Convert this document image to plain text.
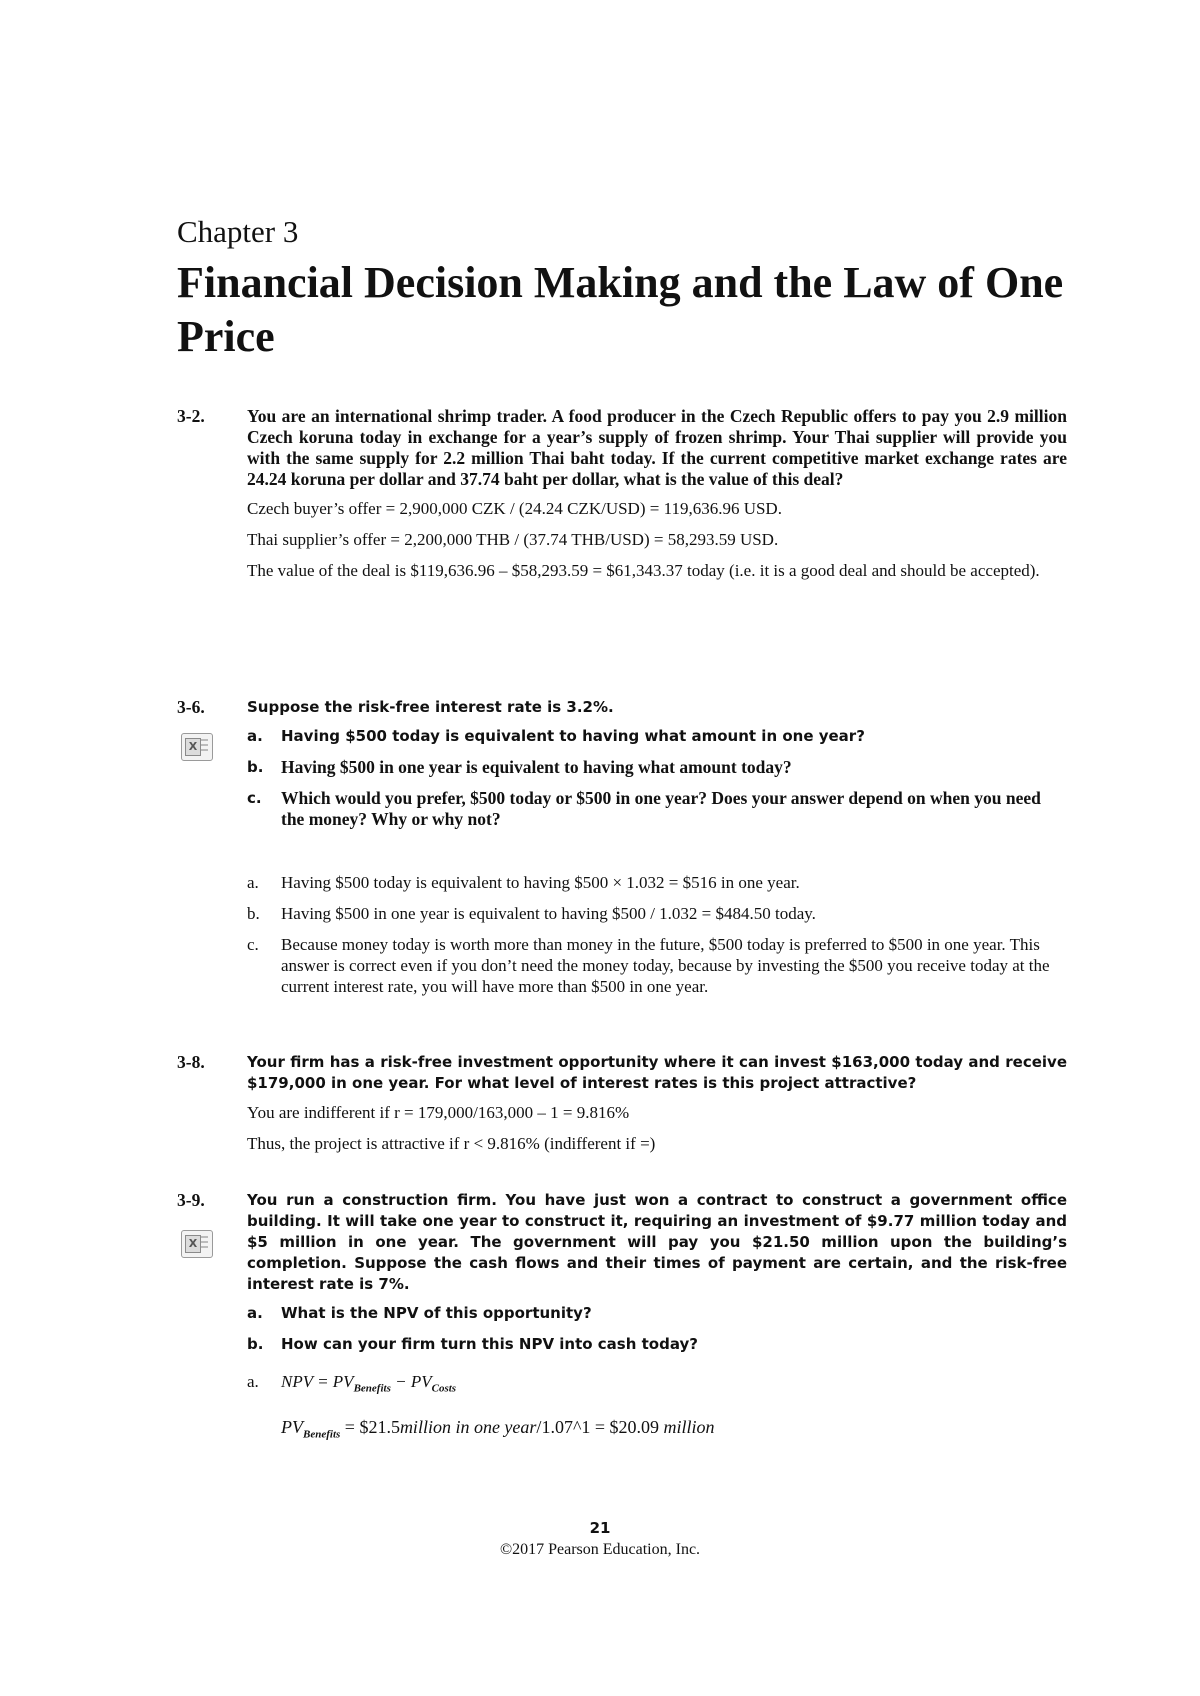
Chapter 3
Financial Decision Making and the Law of One Price
3-2. You are an international shrimp trader. A food producer in the Czech Republic offers to pay you 2.9 million Czech koruna today in exchange for a year’s supply of frozen shrimp. Your Thai supplier will provide you with the same supply for 2.2 million Thai baht today. If the current competitive market exchange rates are 24.24 koruna per dollar and 37.74 baht per dollar, what is the value of this deal?

Czech buyer’s offer = 2,900,000 CZK / (24.24 CZK/USD) = 119,636.96 USD.

Thai supplier’s offer = 2,200,000 THB / (37.74 THB/USD) = 58,293.59 USD.

The value of the deal is $119,636.96 – $58,293.59 = $61,343.37 today (i.e. it is a good deal and should be accepted).

X
3-6.	Suppose the risk-free interest rate is 3.2%.

a. Having $500 today is equivalent to having what amount in one year?
b. Having $500 in one year is equivalent to having what amount today?
c. Which would you prefer, $500 today or $500 in one year? Does your answer depend on when you need the money? Why or why not?
a. Having $500 today is equivalent to having $500 × 1.032 = $516 in one year.
b. Having $500 in one year is equivalent to having $500 / 1.032 = $484.50 today.
c. Because money today is worth more than money in the future, $500 today is preferred to $500 in one year. This answer is correct even if you don’t need the money today, because by investing the $500 you receive today at the current interest rate, you will have more than $500 in one year.
3-8.	Your firm has a risk-free investment opportunity where it can invest $163,000 today and receive $179,000 in one year. For what level of interest rates is this project attractive?

You are indifferent if r = 179,000/163,000 – 1 = 9.816%

Thus, the project is attractive if r < 9.816% (indifferent if =)

X
3-9.	You run a construction firm. You have just won a contract to construct a government office building. It will take one year to construct it, requiring an investment of $9.77 million today and $5 million in one year. The government will pay you $21.50 million upon the building’s completion. Suppose the cash flows and their times of payment are certain, and the risk-free interest rate is 7%.

a. What is the NPV of this opportunity?
b. How can your firm turn this NPV into cash today?
a. NPV = $PV_{Benefits} - PV_{Costs}$
$PV_{Benefits}$ = $21.5million in one year/1.07^1 = $20.09 million
21
©2017 Pearson Education, Inc.
